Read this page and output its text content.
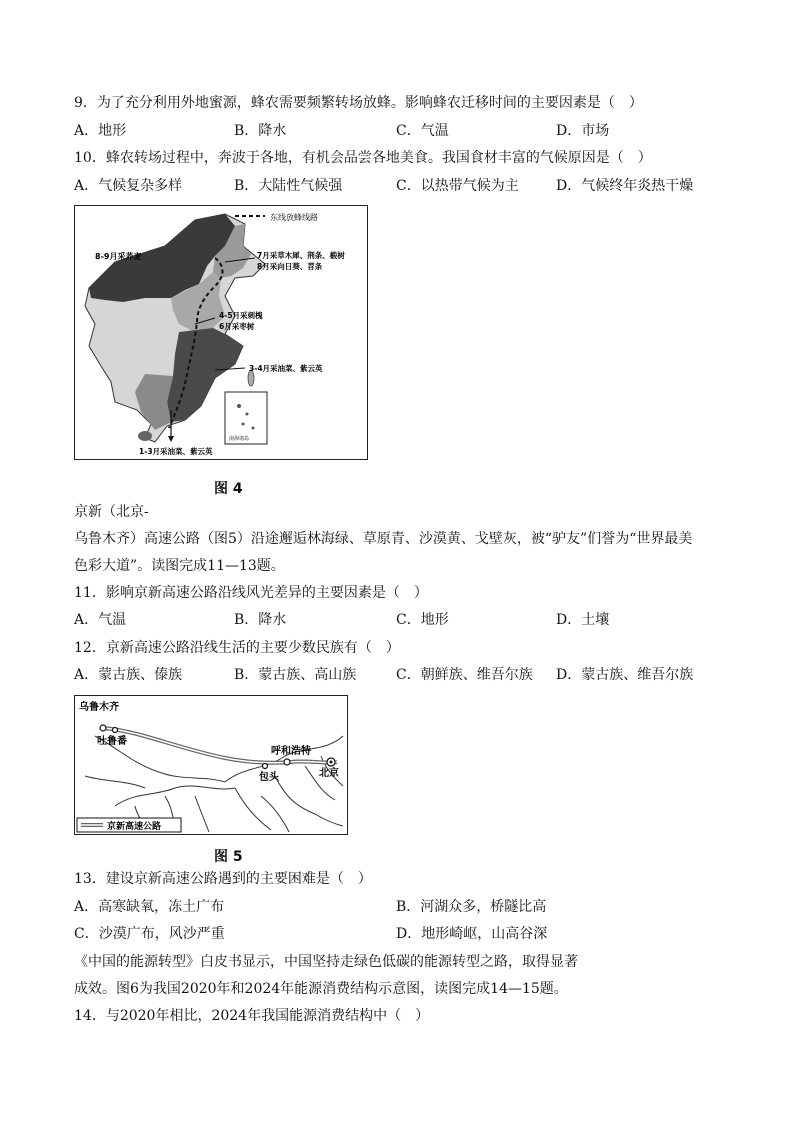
9．为了充分利用外地蜜源，蜂农需要频繁转场放蜂。影响蜂农迁移时间的主要因素是（　）
A．地形	B．降水	C．气温	D．市场
10．蜂农转场过程中，奔波于各地，有机会品尝各地美食。我国食材丰富的气候原因是（　）
A．气候复杂多样	B．大陆性气候强	C．以热带气候为主	D．气候终年炎热干燥
东线放蜂线路
8-9月采荞麦	7月采草木犀、荆条、椴树
8月采向日葵、苕条
4-5月采刺槐
6月采枣树
3-4月采油菜、紫云英
1-3月采油菜、紫云英
南海诸岛
图 4
京新（北京-
乌鲁木齐）高速公路（图5）沿途邂逅林海绿、草原青、沙漠黄、戈壁灰，被“驴友”们誉为“世界最美
色彩大道”。读图完成11—13题。
11．影响京新高速公路沿线风光差异的主要因素是（　）
A．气温	B．降水	C．地形	D．土壤
12．京新高速公路沿线生活的主要少数民族有（　）
A．蒙古族、傣族	B．蒙古族、高山族	C．朝鲜族、维吾尔族 D．蒙古族、维吾尔族
乌鲁木齐
吐鲁番
呼和浩特
包头	北京
京新高速公路
图 5
13．建设京新高速公路遇到的主要困难是（　）
A．高寒缺氧，冻土广布	B．河湖众多，桥隧比高
C．沙漠广布，风沙严重	D．地形崎岖，山高谷深
《中国的能源转型》白皮书显示，中国坚持走绿色低碳的能源转型之路，取得显著
成效。图6为我国2020年和2024年能源消费结构示意图，读图完成14—15题。
14．与2020年相比，2024年我国能源消费结构中（　）
